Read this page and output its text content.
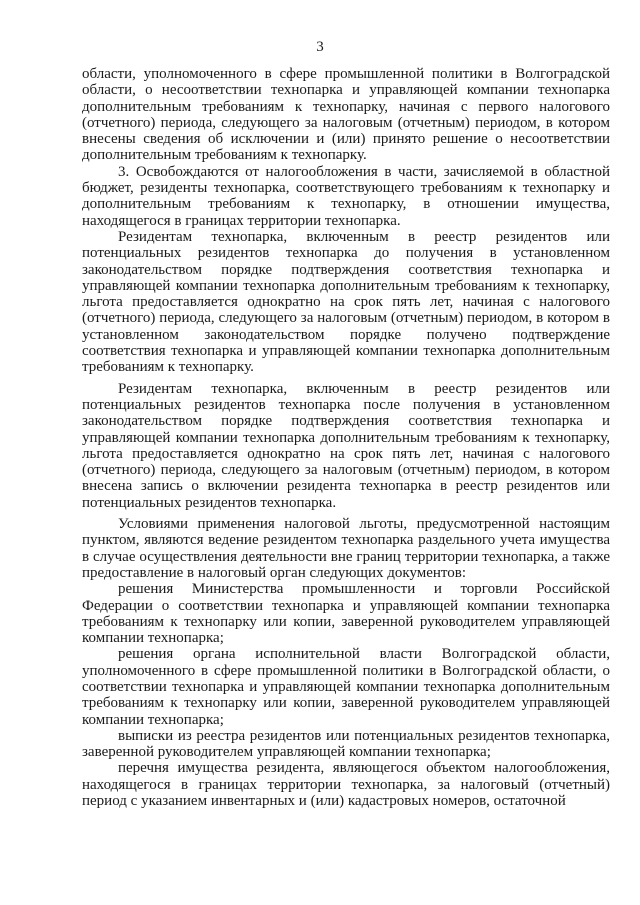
3

области, уполномоченного в сфере промышленной политики в Волгоградской области, о несоответствии технопарка и управляющей компании технопарка дополнительным требованиям к технопарку, начиная с первого налогового (отчетного) периода, следующего за налоговым (отчетным) периодом, в котором внесены сведения об исключении и (или) принято решение о несоответствии дополнительным требованиям к технопарку.

3. Освобождаются от налогообложения в части, зачисляемой в областной бюджет, резиденты технопарка, соответствующего требованиям к технопарку и дополнительным требованиям к технопарку, в отношении имущества, находящегося в границах территории технопарка.

Резидентам технопарка, включенным в реестр резидентов или потенциальных резидентов технопарка до получения в установленном законодательством порядке подтверждения соответствия технопарка и управляющей компании технопарка дополнительным требованиям к технопарку, льгота предоставляется однократно на срок пять лет, начиная с налогового (отчетного) периода, следующего за налоговым (отчетным) периодом, в котором в установленном законодательством порядке получено подтверждение соответствия технопарка и управляющей компании технопарка дополнительным требованиям к технопарку.

Резидентам технопарка, включенным в реестр резидентов или потенциальных резидентов технопарка после получения в установленном законодательством порядке подтверждения соответствия технопарка и управляющей компании технопарка дополнительным требованиям к технопарку, льгота предоставляется однократно на срок пять лет, начиная с налогового (отчетного) периода, следующего за налоговым (отчетным) периодом, в котором внесена запись о включении резидента технопарка в реестр резидентов или потенциальных резидентов технопарка.

Условиями применения налоговой льготы, предусмотренной настоящим пунктом, являются ведение резидентом технопарка раздельного учета имущества в случае осуществления деятельности вне границ территории технопарка, а также предоставление в налоговый орган следующих документов:

решения Министерства промышленности и торговли Российской Федерации о соответствии технопарка и управляющей компании технопарка требованиям к технопарку или копии, заверенной руководителем управляющей компании технопарка;

решения органа исполнительной власти Волгоградской области, уполномоченного в сфере промышленной политики в Волгоградской области, о соответствии технопарка и управляющей компании технопарка дополнительным требованиям к технопарку или копии, заверенной руководителем управляющей компании технопарка;

выписки из реестра резидентов или потенциальных резидентов технопарка, заверенной руководителем управляющей компании технопарка;

перечня имущества резидента, являющегося объектом налогообложения, находящегося в границах территории технопарка, за налоговый (отчетный) период с указанием инвентарных и (или) кадастровых номеров, остаточной
